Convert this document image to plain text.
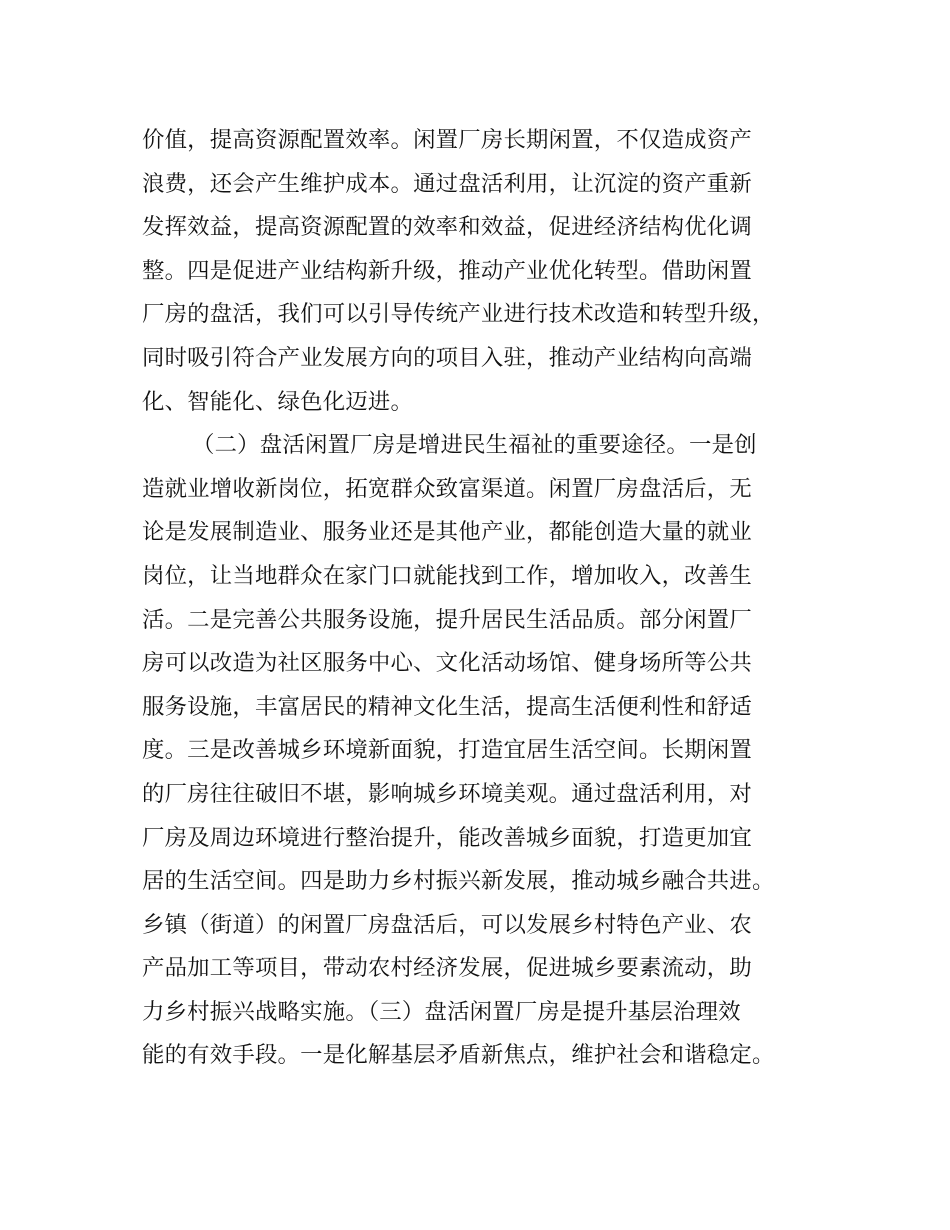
价值，提高资源配置效率。闲置厂房长期闲置，不仅造成资产
浪费，还会产生维护成本。通过盘活利用，让沉淀的资产重新
发挥效益，提高资源配置的效率和效益，促进经济结构优化调
整。四是促进产业结构新升级，推动产业优化转型。借助闲置
厂房的盘活，我们可以引导传统产业进行技术改造和转型升级，
同时吸引符合产业发展方向的项目入驻，推动产业结构向高端
化、智能化、绿色化迈进。
（二）盘活闲置厂房是增进民生福祉的重要途径。一是创
造就业增收新岗位，拓宽群众致富渠道。闲置厂房盘活后，无
论是发展制造业、服务业还是其他产业，都能创造大量的就业
岗位，让当地群众在家门口就能找到工作，增加收入，改善生
活。二是完善公共服务设施，提升居民生活品质。部分闲置厂
房可以改造为社区服务中心、文化活动场馆、健身场所等公共
服务设施，丰富居民的精神文化生活，提高生活便利性和舒适
度。三是改善城乡环境新面貌，打造宜居生活空间。长期闲置
的厂房往往破旧不堪，影响城乡环境美观。通过盘活利用，对
厂房及周边环境进行整治提升，能改善城乡面貌，打造更加宜
居的生活空间。四是助力乡村振兴新发展，推动城乡融合共进。
乡镇（街道）的闲置厂房盘活后，可以发展乡村特色产业、农
产品加工等项目，带动农村经济发展，促进城乡要素流动，助
力乡村振兴战略实施。（三）盘活闲置厂房是提升基层治理效
能的有效手段。一是化解基层矛盾新焦点，维护社会和谐稳定。
